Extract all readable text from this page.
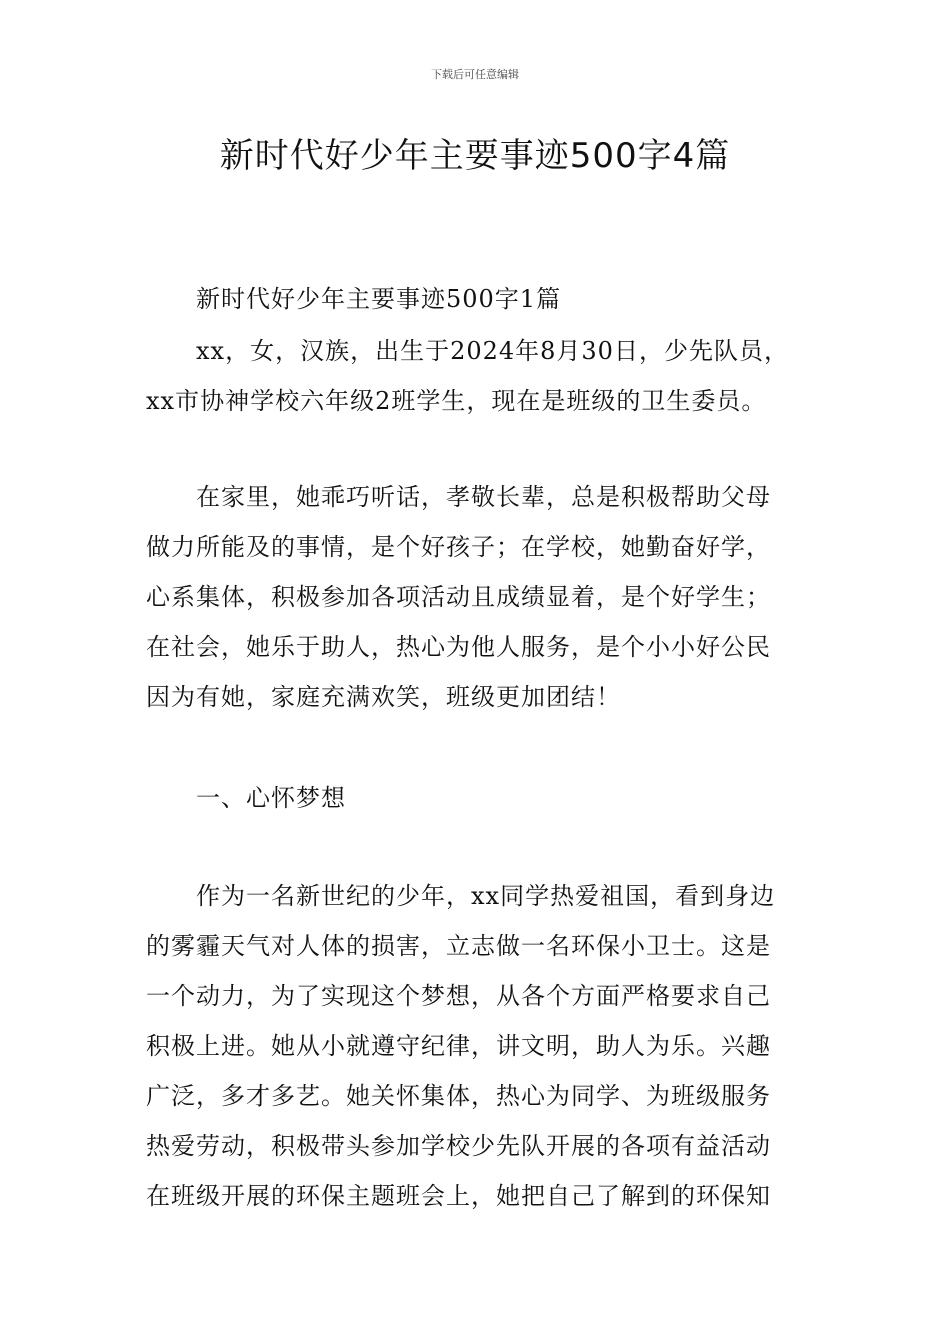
下载后可任意编辑
新时代好少年主要事迹500字4篇
新时代好少年主要事迹500字1篇
xx，女，汉族，出生于2024年8月30日，少先队员，
xx市协神学校六年级2班学生，现在是班级的卫生委员。
在家里，她乖巧听话，孝敬长辈，总是积极帮助父母
做力所能及的事情，是个好孩子；在学校，她勤奋好学，
心系集体，积极参加各项活动且成绩显着，是个好学生；
在社会，她乐于助人，热心为他人服务，是个小小好公民
因为有她，家庭充满欢笑，班级更加团结！
一、心怀梦想
作为一名新世纪的少年，xx同学热爱祖国，看到身边
的雾霾天气对人体的损害，立志做一名环保小卫士。这是
一个动力，为了实现这个梦想，从各个方面严格要求自己
积极上进。她从小就遵守纪律，讲文明，助人为乐。兴趣
广泛，多才多艺。她关怀集体，热心为同学、为班级服务
热爱劳动，积极带头参加学校少先队开展的各项有益活动
在班级开展的环保主题班会上，她把自己了解到的环保知
